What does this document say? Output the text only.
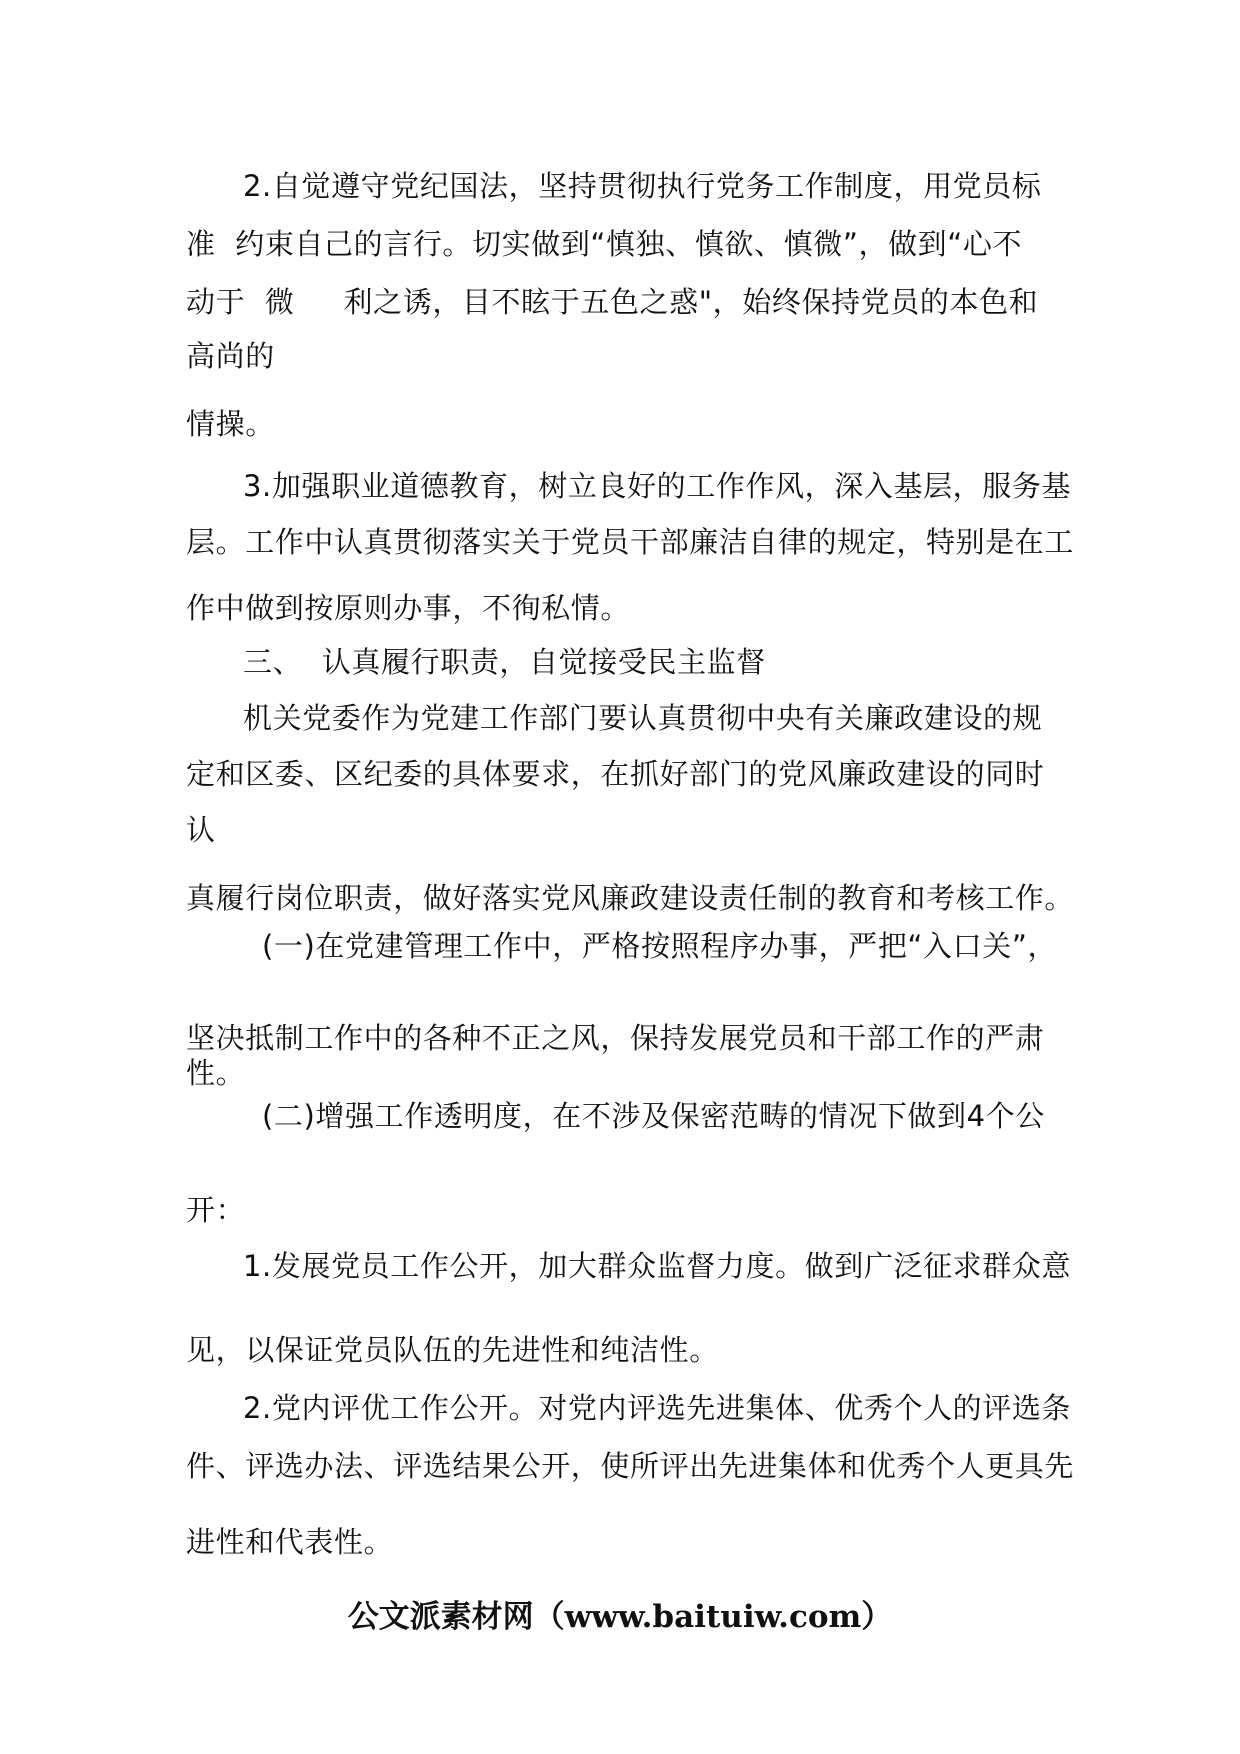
2.自觉遵守党纪国法，坚持贯彻执行党务工作制度，用党员标
准  约束自己的言行。切实做到“慎独、慎欲、慎微”，做到“心不
动于  微     利之诱，目不眩于五色之惑"，始终保持党员的本色和
高尚的
情操。
3.加强职业道德教育，树立良好的工作作风，深入基层，服务基
层。工作中认真贯彻落实关于党员干部廉洁自律的规定，特别是在工
作中做到按原则办事，不徇私情。
三、  认真履行职责，自觉接受民主监督
机关党委作为党建工作部门要认真贯彻中央有关廉政建设的规
定和区委、区纪委的具体要求，在抓好部门的党风廉政建设的同时
认
真履行岗位职责，做好落实党风廉政建设责任制的教育和考核工作。
(一)在党建管理工作中，严格按照程序办事，严把“入口关”，
坚决抵制工作中的各种不正之风，保持发展党员和干部工作的严肃
性。
(二)增强工作透明度，在不涉及保密范畴的情况下做到4个公
开：
1.发展党员工作公开，加大群众监督力度。做到广泛征求群众意
见，以保证党员队伍的先进性和纯洁性。
2.党内评优工作公开。对党内评选先进集体、优秀个人的评选条
件、评选办法、评选结果公开，使所评出先进集体和优秀个人更具先
进性和代表性。
公文派素材网（www.baituiw.com）
